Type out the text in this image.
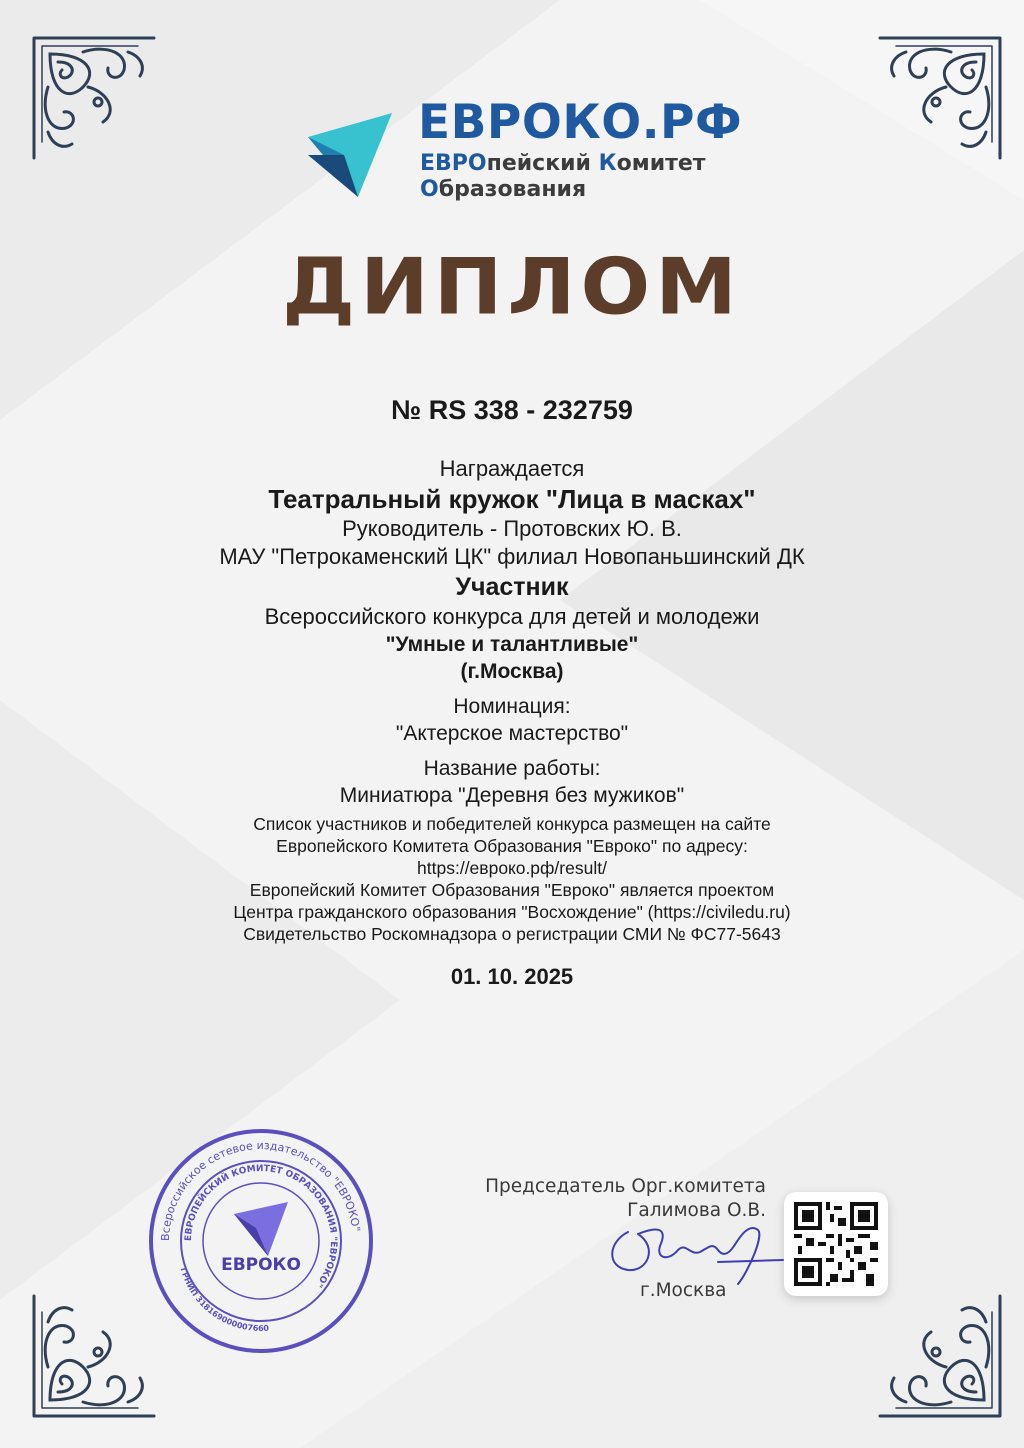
ЕВРОКО.РФ
ЕВРОпейский Комитет
Образования
ДИПЛОМ
№ RS 338 - 232759
Награждается
Театральный кружок "Лица в масках"
Руководитель - Протовских Ю. В.
МАУ "Петрокаменский ЦК" филиал Новопаньшинский ДК
Участник
Всероссийского конкурса для детей и молодежи
"Умные и талантливые"
(г.Москва)
Номинация:
"Актерское мастерство"
Название работы:
Миниатюра "Деревня без мужиков"
Список участников и победителей конкурса размещен на сайте
Европейского Комитета Образования "Евроко" по адресу:
https://еврокo.рф/result/
Европейский Комитет Образования "Евроко" является проектом
Центра гражданского образования "Восхождение" (https://civiledu.ru)
Свидетельство Роскомнадзора о регистрации СМИ № ФС77-5643
01. 10. 2025
Всероссийское сетевое издательство "ЕВРОКО"
ЕВРОПЕЙСКИЙ КОМИТЕТ ОБРАЗОВАНИЯ "ЕВРОКО"
ГРНИП 318169000007660
ЕВРОКО
Председатель Орг.комитета
Галимова О.В.
г.Москва
